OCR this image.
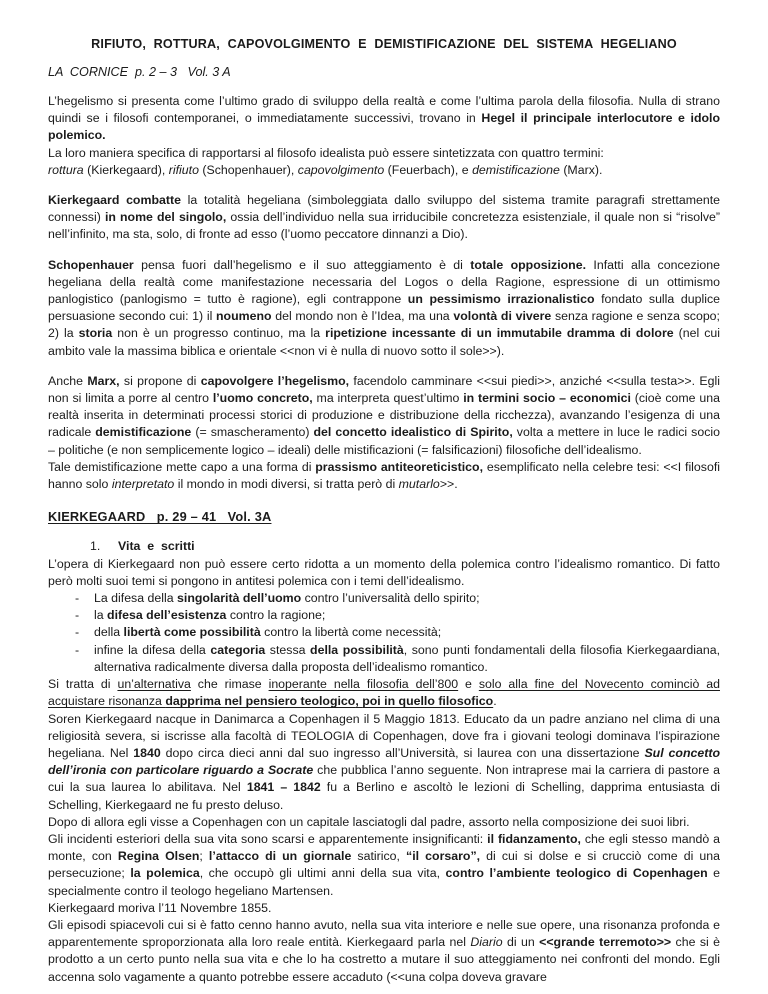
RIFIUTO, ROTTURA, CAPOVOLGIMENTO E DEMISTIFICAZIONE DEL SISTEMA HEGELIANO
LA  CORNICE  p. 2 – 3   Vol. 3 A
L’hegelismo si presenta come l’ultimo grado di sviluppo della realtà e come l’ultima parola della filosofia. Nulla di strano quindi se i filosofi contemporanei, o immediatamente successivi, trovano in Hegel il principale interlocutore e idolo polemico.
La loro maniera specifica di rapportarsi al filosofo idealista può essere sintetizzata con quattro termini:
rottura (Kierkegaard), rifiuto (Schopenhauer), capovolgimento (Feuerbach), e demistificazione (Marx).
Kierkegaard combatte la totalità hegeliana (simboleggiata dallo sviluppo del sistema tramite paragrafi strettamente connessi) in nome del singolo, ossia dell’individuo nella sua irriducibile concretezza esistenziale, il quale non si “risolve” nell’infinito, ma sta, solo, di fronte ad esso (l’uomo peccatore dinnanzi a Dio).
Schopenhauer pensa fuori dall’hegelismo e il suo atteggiamento è di totale opposizione. Infatti alla concezione hegeliana della realtà come manifestazione necessaria del Logos o della Ragione, espressione di un ottimismo panlogistico (panlogismo = tutto è ragione), egli contrappone un pessimismo irrazionalistico fondato sulla duplice persuasione secondo cui: 1) il noumeno del mondo non è l’Idea, ma una volontà di vivere senza ragione e senza scopo; 2) la storia non è un progresso continuo, ma la ripetizione incessante di un immutabile dramma di dolore (nel cui ambito vale la massima biblica e orientale <<non vi è nulla di nuovo sotto il sole>>).
Anche Marx, si propone di capovolgere l’hegelismo, facendolo camminare <<sui piedi>>, anziché <<sulla testa>>. Egli non si limita a porre al centro l’uomo concreto, ma interpreta quest’ultimo in termini socio – economici (cioè come una realtà inserita in determinati processi storici di produzione e distribuzione della ricchezza), avanzando l’esigenza di una radicale demistificazione (= smascheramento) del concetto idealistico di Spirito, volta a mettere in luce le radici socio – politiche (e non semplicemente logico – ideali) delle mistificazioni (= falsificazioni) filosofiche dell’idealismo.
Tale demistificazione mette capo a una forma di prassismo antiteoreticistico, esemplificato nella celebre tesi: <<I filosofi hanno solo interpretato il mondo in modi diversi, si tratta però di mutarlo>>.
KIERKEGAARD   p. 29 – 41   Vol. 3A
1. Vita  e  scritti
L’opera di Kierkegaard non può essere certo ridotta a un momento della polemica contro l’idealismo romantico. Di fatto però molti suoi temi si pongono in antitesi polemica con i temi dell’idealismo.
- La difesa della singolarità dell’uomo contro l’universalità dello spirito;
- la difesa dell’esistenza contro la ragione;
- della libertà come possibilità contro la libertà come necessità;
- infine la difesa della categoria stessa della possibilità, sono punti fondamentali della filosofia Kierkegaardiana, alternativa radicalmente diversa dalla proposta dell’idealismo romantico.
Si tratta di un’alternativa che rimase inoperante nella filosofia dell’800 e solo alla fine del Novecento cominciò ad acquistare risonanza dapprima nel pensiero teologico, poi in quello filosofico.
Soren Kierkegaard nacque in Danimarca a Copenhagen il 5 Maggio 1813. Educato da un padre anziano nel clima di una religiosità severa, si iscrisse alla facoltà di TEOLOGIA di Copenhagen, dove fra i giovani teologi dominava l’ispirazione hegeliana. Nel 1840 dopo circa dieci anni dal suo ingresso all’Università, si laurea con una dissertazione Sul concetto dell’ironia con particolare riguardo a Socrate che pubblica l’anno seguente. Non intraprese mai la carriera di pastore a cui la sua laurea lo abilitava. Nel 1841 – 1842 fu a Berlino e ascoltò le lezioni di Schelling, dapprima entusiasta di Schelling, Kierkegaard ne fu presto deluso.
Dopo di allora egli visse a Copenhagen con un capitale lasciatogli dal padre, assorto nella composizione dei suoi libri.
Gli incidenti esteriori della sua vita sono scarsi e apparentemente insignificanti: il fidanzamento, che egli stesso mandò a monte, con Regina Olsen; l’attacco di un giornale satirico, “il corsaro”, di cui si dolse e si crucciò come di una persecuzione; la polemica, che occupò gli ultimi anni della sua vita, contro l’ambiente teologico di Copenhagen e specialmente contro il teologo hegeliano Martensen.
Kierkegaard moriva l’11 Novembre 1855.
Gli episodi spiacevoli cui si è fatto cenno hanno avuto, nella sua vita interiore e nelle sue opere, una risonanza profonda e apparentemente sproporzionata alla loro reale entità. Kierkegaard parla nel Diario di un <<grande terremoto>> che si è prodotto a un certo punto nella sua vita e che lo ha costretto a mutare il suo atteggiamento nei confronti del mondo. Egli accenna solo vagamente a quanto potrebbe essere accaduto (<<una colpa doveva gravare
